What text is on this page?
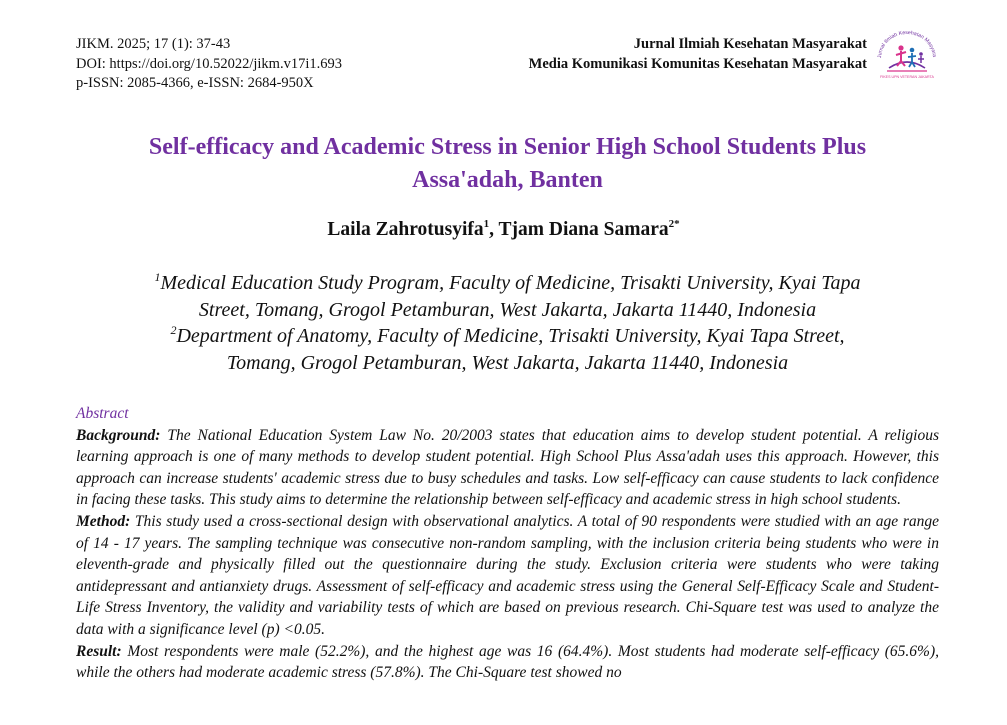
JIKM. 2025; 17 (1): 37-43
DOI: https://doi.org/10.52022/jikm.v17i1.693
p-ISSN: 2085-4366, e-ISSN: 2684-950X
Jurnal Ilmiah Kesehatan Masyarakat
Media Komunikasi Komunitas Kesehatan Masyarakat	Jurnal Ilmiah Kesehatan Masyara
FIKES UPN VETERAN JAKARTA
Self-efficacy and Academic Stress in Senior High School Students Plus
Assa'adah, Banten
Laila Zahrotusyifa$^1$, Tjam Diana Samara$^{2*}$
$^1$Medical Education Study Program, Faculty of Medicine, Trisakti University, Kyai Tapa
Street, Tomang, Grogol Petamburan, West Jakarta, Jakarta 11440, Indonesia
$^2$Department of Anatomy, Faculty of Medicine, Trisakti University, Kyai Tapa Street,
Tomang, Grogol Petamburan, West Jakarta, Jakarta 11440, Indonesia
Abstract

Background: The National Education System Law No. 20/2003 states that education aims to develop student potential. A religious learning approach is one of many methods to develop student potential. High School Plus Assa'adah uses this approach. However, this approach can increase students' academic stress due to busy schedules and tasks. Low self-efficacy can cause students to lack confidence in facing these tasks. This study aims to determine the relationship between self-efficacy and academic stress in high school students.

Method: This study used a cross-sectional design with observational analytics. A total of 90 respondents were studied with an age range of 14 - 17 years. The sampling technique was consecutive non-random sampling, with the inclusion criteria being students who were in eleventh-grade and physically filled out the questionnaire during the study. Exclusion criteria were students who were taking antidepressant and antianxiety drugs. Assessment of self-efficacy and academic stress using the General Self-Efficacy Scale and Student-Life Stress Inventory, the validity and variability tests of which are based on previous research. Chi-Square test was used to analyze the data with a significance level (p) <0.05.

Result: Most respondents were male (52.2%), and the highest age was 16 (64.4%). Most students had moderate self-efficacy (65.6%), while the others had moderate academic stress (57.8%). The Chi-Square test showed no
